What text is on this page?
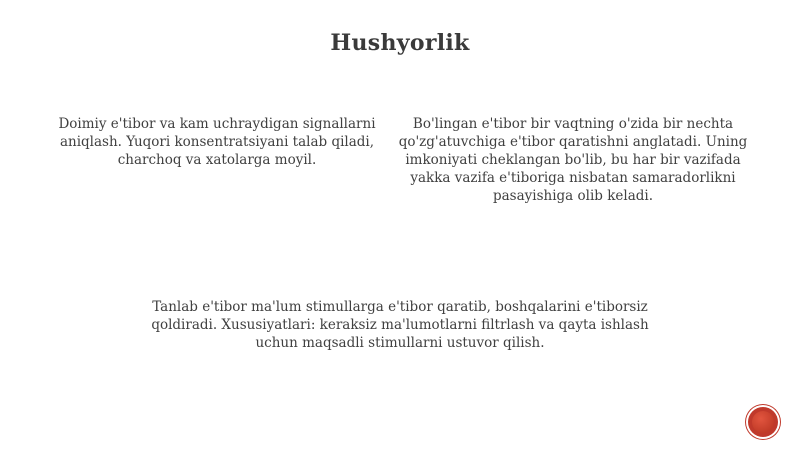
Hushyorlik
Doimiy e'tibor va kam uchraydigan signallarni aniqlash. Yuqori konsentratsiyani talab qiladi, charchoq va xatolarga moyil.
Bo'lingan e'tibor bir vaqtning o'zida bir nechta qo'zg'atuvchiga e'tibor qaratishni anglatadi. Uning imkoniyati cheklangan bo'lib, bu har bir vazifada yakka vazifa e'tiboriga nisbatan samaradorlikni pasayishiga olib keladi.
Tanlab e'tibor ma'lum stimullarga e'tibor qaratib, boshqalarini e'tiborsiz qoldiradi. Xususiyatlari: keraksiz ma'lumotlarni filtrlash va qayta ishlash uchun maqsadli stimullarni ustuvor qilish.
